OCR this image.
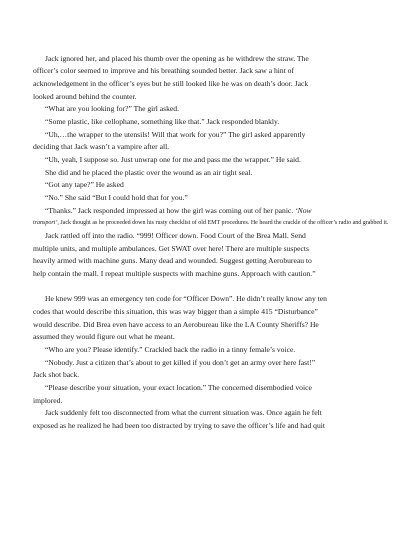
Jack ignored her, and placed his thumb over the opening as he withdrew the straw. The
officer’s color seemed to improve and his breathing sounded better. Jack saw a hint of
acknowledgement in the officer’s eyes but he still looked like he was on death’s door. Jack
looked around behind the counter.
“What are you looking for?” The girl asked.
“Some plastic, like cellophane, something like that.” Jack responded blankly.
“Uh,…the wrapper to the utensils! Will that work for you?” The girl asked apparently
deciding that Jack wasn’t a vampire after all.
“Uh, yeah, I suppose so. Just unwrap one for me and pass me the wrapper.” He said.
She did and he placed the plastic over the wound as an air tight seal.
“Got any tape?” He asked
“No.” She said “But I could hold that for you.”
“Thanks.” Jack responded impressed at how the girl was coming out of her panic. ‘Now
Jack rattled off into the radio. “999! Officer down. Food Court of the Brea Mall. Send
multiple units, and multiple ambulances. Get SWAT over here! There are multiple suspects
heavily armed with machine guns. Many dead and wounded. Suggest getting Aerobureau to
help contain the mall. I repeat multiple suspects with machine guns. Approach with caution.”
He knew 999 was an emergency ten code for “Officer Down”. He didn’t really know any ten
codes that would describe this situation, this was way bigger than a simple 415 “Disturbance”
would describe. Did Brea even have access to an Aerobureau like the LA County Sheriffs? He
assumed they would figure out what he meant.
“Who are you? Please identify.” Crackled back the radio in a tinny female’s voice.
“Nobody. Just a citizen that’s about to get killed if you don’t get an army over here fast!”
Jack shot back.
“Please describe your situation, your exact location.” The concerned disembodied voice
implored.
Jack suddenly felt too disconnected from what the current situation was. Once again he felt
exposed as he realized he had been too distracted by trying to save the officer’s life and had quit
transport’, Jack thought as he proceeded down his rusty checklist of old EMT procedures. He heard the crackle of the officer’s radio and grabbed it.
